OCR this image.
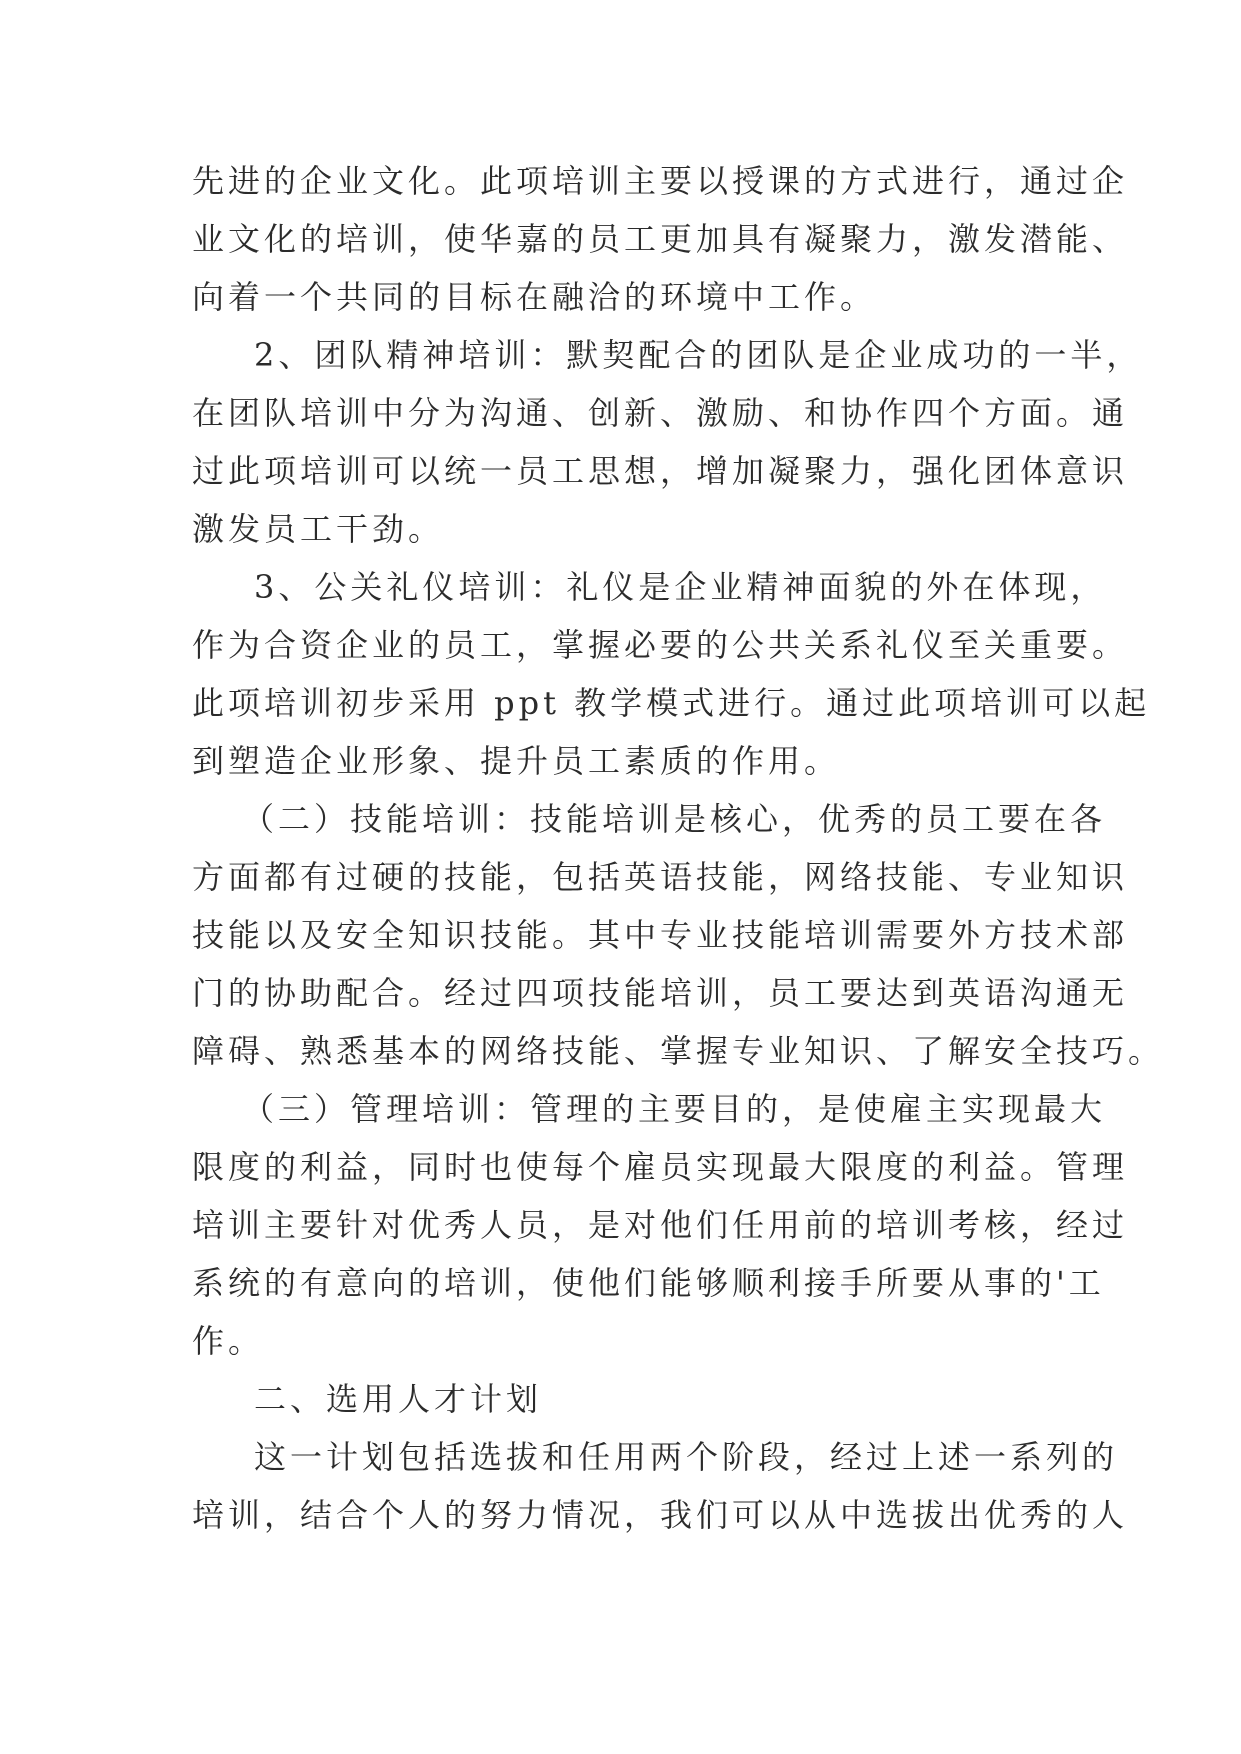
先进的企业文化。此项培训主要以授课的方式进行，通过企
业文化的培训，使华嘉的员工更加具有凝聚力，激发潜能、
向着一个共同的目标在融洽的环境中工作。
2、团队精神培训：默契配合的团队是企业成功的一半，
在团队培训中分为沟通、创新、激励、和协作四个方面。通
过此项培训可以统一员工思想，增加凝聚力，强化团体意识
激发员工干劲。
3、公关礼仪培训：礼仪是企业精神面貌的外在体现，
作为合资企业的员工，掌握必要的公共关系礼仪至关重要。
此项培训初步采用 ppt 教学模式进行。通过此项培训可以起
到塑造企业形象、提升员工素质的作用。
（二）技能培训：技能培训是核心，优秀的员工要在各
方面都有过硬的技能，包括英语技能，网络技能、专业知识
技能以及安全知识技能。其中专业技能培训需要外方技术部
门的协助配合。经过四项技能培训，员工要达到英语沟通无
障碍、熟悉基本的网络技能、掌握专业知识、了解安全技巧。
（三）管理培训：管理的主要目的，是使雇主实现最大
限度的利益，同时也使每个雇员实现最大限度的利益。管理
培训主要针对优秀人员，是对他们任用前的培训考核，经过
系统的有意向的培训，使他们能够顺利接手所要从事的'工
作。
二、选用人才计划
这一计划包括选拔和任用两个阶段，经过上述一系列的
培训，结合个人的努力情况，我们可以从中选拔出优秀的人
